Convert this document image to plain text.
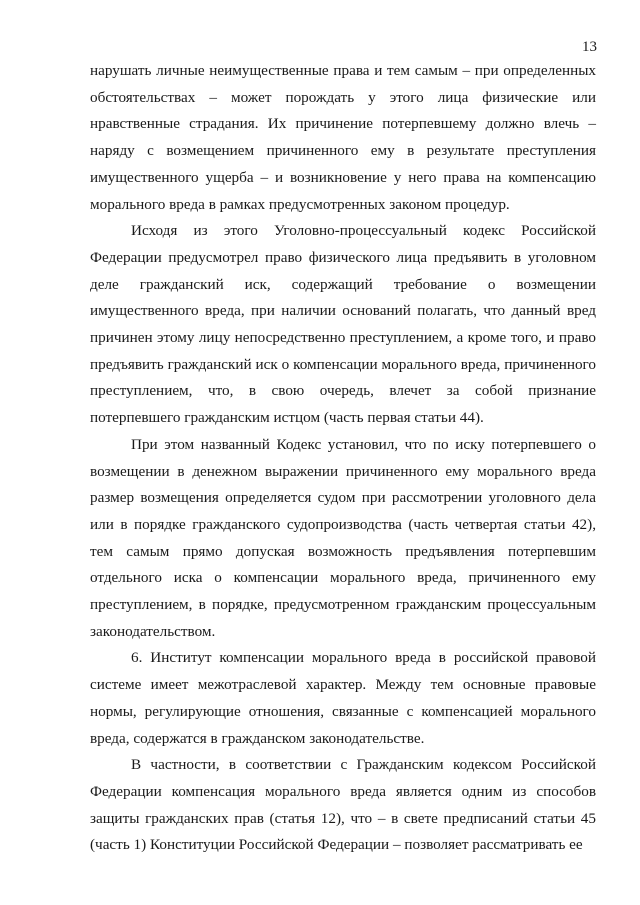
13

нарушать личные неимущественные права и тем самым – при определенных обстоятельствах – может порождать у этого лица физические или нравственные страдания. Их причинение потерпевшему должно влечь – наряду с возмещением причиненного ему в результате преступления имущественного ущерба – и возникновение у него права на компенсацию морального вреда в рамках предусмотренных законом процедур.

Исходя из этого Уголовно-процессуальный кодекс Российской Федерации предусмотрел право физического лица предъявить в уголовном деле гражданский иск, содержащий требование о возмещении имущественного вреда, при наличии оснований полагать, что данный вред причинен этому лицу непосредственно преступлением, а кроме того, и право предъявить гражданский иск о компенсации морального вреда, причиненного преступлением, что, в свою очередь, влечет за собой признание потерпевшего гражданским истцом (часть первая статьи 44).

При этом названный Кодекс установил, что по иску потерпевшего о возмещении в денежном выражении причиненного ему морального вреда размер возмещения определяется судом при рассмотрении уголовного дела или в порядке гражданского судопроизводства (часть четвертая статьи 42), тем самым прямо допуская возможность предъявления потерпевшим отдельного иска о компенсации морального вреда, причиненного ему преступлением, в порядке, предусмотренном гражданским процессуальным законодательством.

6. Институт компенсации морального вреда в российской правовой системе имеет межотраслевой характер. Между тем основные правовые нормы, регулирующие отношения, связанные с компенсацией морального вреда, содержатся в гражданском законодательстве.

В частности, в соответствии с Гражданским кодексом Российской Федерации компенсация морального вреда является одним из способов защиты гражданских прав (статья 12), что – в свете предписаний статьи 45 (часть 1) Конституции Российской Федерации – позволяет рассматривать ее
